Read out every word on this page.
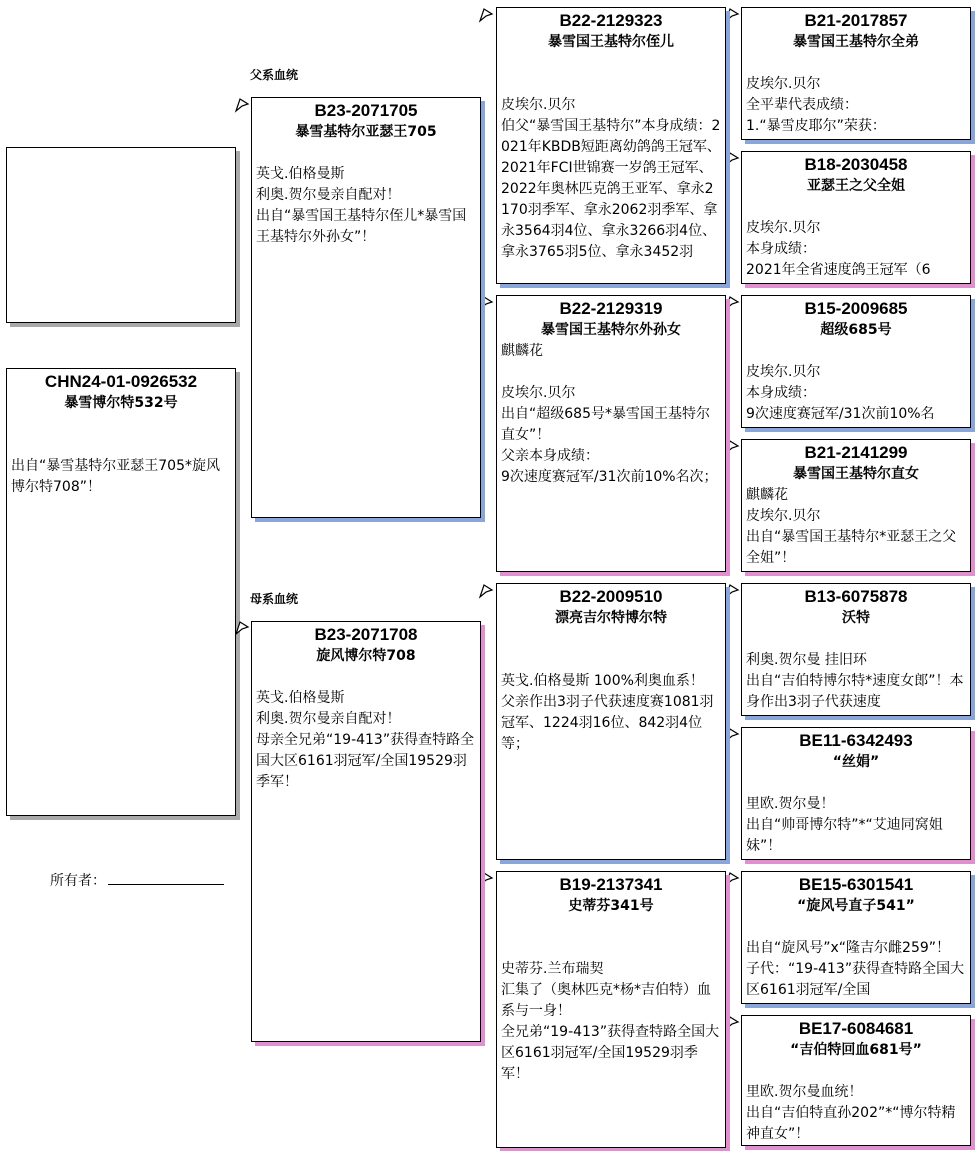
CHN24-01-0926532
暴雪博尔特532号
出自“暴雪基特尔亚瑟王705*旋风博尔特708”！
所有者：
父系血统
母系血统
B23-2071705
暴雪基特尔亚瑟王705
英戈.伯格曼斯
利奥.贺尔曼亲自配对！
出自“暴雪国王基特尔侄儿*暴雪国王基特尔外孙女”！
B23-2071708
旋风博尔特708
英戈.伯格曼斯
利奥.贺尔曼亲自配对！
母亲全兄弟“19-413”获得查特路全国大区6161羽冠军/全国19529羽季军！
B22-2129323
暴雪国王基特尔侄儿
皮埃尔.贝尔
伯父“暴雪国王基特尔”本身成绩：2021年KBDB短距离幼鸽鸽王冠军、2021年FCI世锦赛一岁鸽王冠军、2022年奥林匹克鸽王亚军、拿永2170羽季军、拿永2062羽季军、拿永3564羽4位、拿永3266羽4位、拿永3765羽5位、拿永3452羽
B22-2129319
暴雪国王基特尔外孙女
麒麟花
皮埃尔.贝尔
出自“超级685号*暴雪国王基特尔直女”！
父亲本身成绩：
9次速度赛冠军/31次前10%名次；
B22-2009510
漂亮吉尔特博尔特
英戈.伯格曼斯 100%利奥血系！
父亲作出3羽子代获速度赛1081羽冠军、1224羽16位、842羽4位等；
B19-2137341
史蒂芬341号
史蒂芬.兰布瑞契
汇集了（奥林匹克*杨*吉伯特）血系与一身！
全兄弟“19-413”获得查特路全国大区6161羽冠军/全国19529羽季军！
B21-2017857
暴雪国王基特尔全弟
皮埃尔.贝尔
全平辈代表成绩：
1.“暴雪皮耶尔”荣获：
B18-2030458
亚瑟王之父全姐
皮埃尔.贝尔
本身成绩：
2021年全省速度鸽王冠军（6
B15-2009685
超级685号
皮埃尔.贝尔
本身成绩：
9次速度赛冠军/31次前10%名
B21-2141299
暴雪国王基特尔直女
麒麟花
皮埃尔.贝尔
出自“暴雪国王基特尔*亚瑟王之父全姐”！
B13-6075878
沃特
利奥.贺尔曼 挂旧环
出自“吉伯特博尔特*速度女郎”！本身作出3羽子代获速度
BE11-6342493
“丝娟”
里欧.贺尔曼！
出自“帅哥博尔特”*“艾迪同窝姐妹”！
BE15-6301541
“旋风号直子541”
出自“旋风号”x“隆吉尔雌259”！ 子代：“19-413”获得查特路全国大区6161羽冠军/全国
BE17-6084681
“吉伯特回血681号”
里欧.贺尔曼血统！
出自“吉伯特直孙202”*“博尔特精神直女”！
